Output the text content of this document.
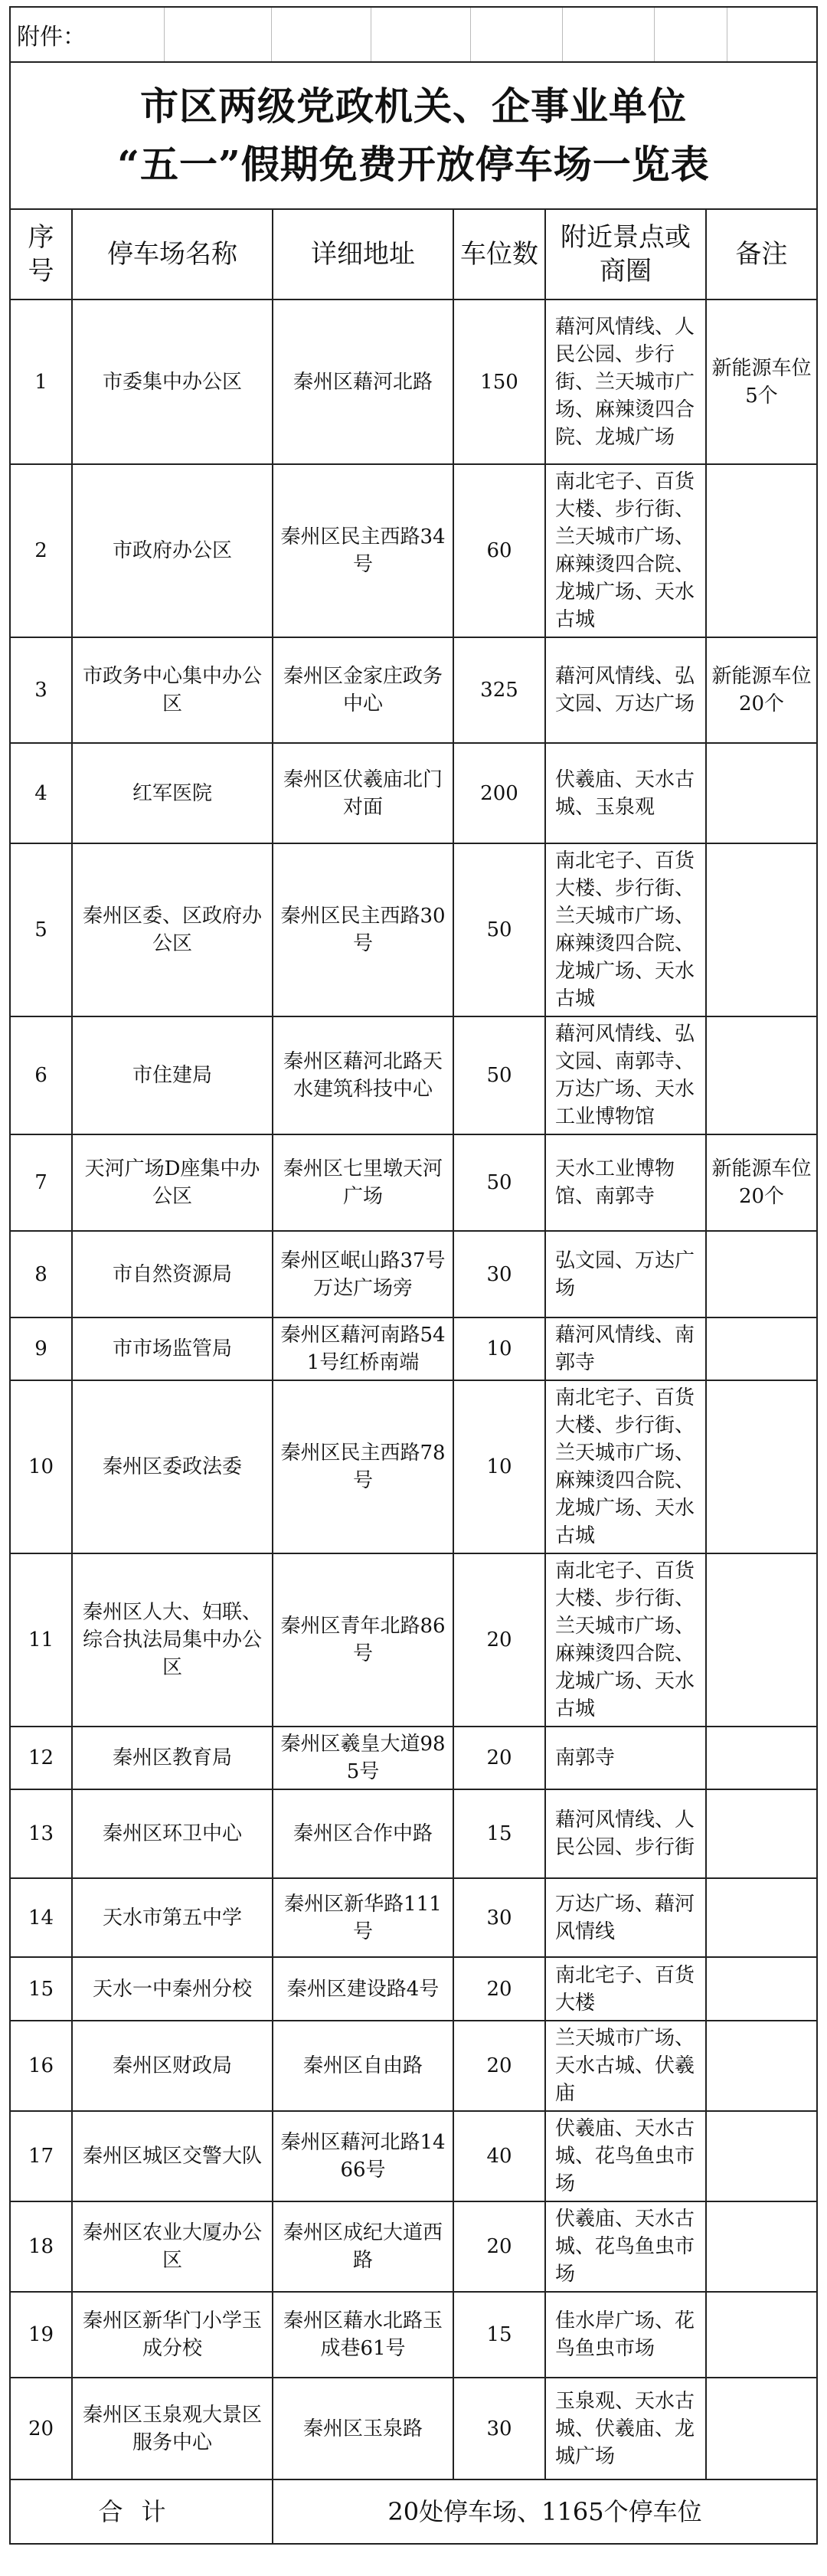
附件：
市区两级党政机关、企事业单位
“五一”假期免费开放停车场一览表
序号	停车场名称	详细地址	车位数	附近景点或商圈	备注
1	市委集中办公区	秦州区藉河北路	150	藉河风情线、人民公园、步行街、兰天城市广场、麻辣烫四合院、龙城广场	新能源车位5个
2	市政府办公区	秦州区民主西路34号	60	南北宅子、百货大楼、步行街、兰天城市广场、麻辣烫四合院、龙城广场、天水古城	
3	市政务中心集中办公区	秦州区金家庄政务中心	325	藉河风情线、弘文园、万达广场	新能源车位20个
4	红军医院	秦州区伏羲庙北门对面	200	伏羲庙、天水古城、玉泉观	
5	秦州区委、区政府办公区	秦州区民主西路30号	50	南北宅子、百货大楼、步行街、兰天城市广场、麻辣烫四合院、龙城广场、天水古城	
6	市住建局	秦州区藉河北路天水建筑科技中心	50	藉河风情线、弘文园、南郭寺、万达广场、天水工业博物馆	
7	天河广场D座集中办公区	秦州区七里墩天河广场	50	天水工业博物馆、南郭寺	新能源车位20个
8	市自然资源局	秦州区岷山路37号万达广场旁	30	弘文园、万达广场	
9	市市场监管局	秦州区藉河南路541号红桥南端	10	藉河风情线、南郭寺	
10	秦州区委政法委	秦州区民主西路78号	10	南北宅子、百货大楼、步行街、兰天城市广场、麻辣烫四合院、龙城广场、天水古城	
11	秦州区人大、妇联、综合执法局集中办公区	秦州区青年北路86号	20	南北宅子、百货大楼、步行街、兰天城市广场、麻辣烫四合院、龙城广场、天水古城	
12	秦州区教育局	秦州区羲皇大道985号	20	南郭寺	
13	秦州区环卫中心	秦州区合作中路	15	藉河风情线、人民公园、步行街	
14	天水市第五中学	秦州区新华路111号	30	万达广场、藉河风情线	
15	天水一中秦州分校	秦州区建设路4号	20	南北宅子、百货大楼	
16	秦州区财政局	秦州区自由路	20	兰天城市广场、天水古城、伏羲庙	
17	秦州区城区交警大队	秦州区藉河北路1466号	40	伏羲庙、天水古城、花鸟鱼虫市场	
18	秦州区农业大厦办公区	秦州区成纪大道西路	20	伏羲庙、天水古城、花鸟鱼虫市场	
19	秦州区新华门小学玉成分校	秦州区藉水北路玉成巷61号	15	佳水岸广场、花鸟鱼虫市场	
20	秦州区玉泉观大景区服务中心	秦州区玉泉路	30	玉泉观、天水古城、伏羲庙、龙城广场	
合计		20处停车场、1165个停车位			
